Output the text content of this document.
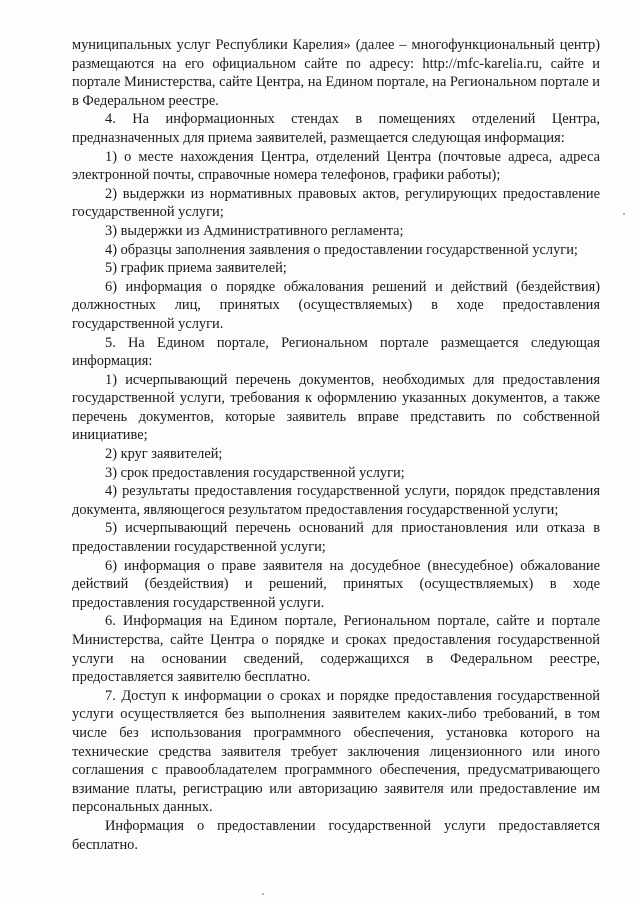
муниципальных услуг Республики Карелия» (далее – многофункциональный центр) размещаются на его официальном сайте по адресу: http://mfc-karelia.ru, сайте и портале Министерства, сайте Центра, на Едином портале, на Региональном портале и в Федеральном реестре.

4. На информационных стендах в помещениях отделений Центра, предназначенных для приема заявителей, размещается следующая информация:

1) о месте нахождения Центра, отделений Центра (почтовые адреса, адреса электронной почты, справочные номера телефонов, графики работы);

2) выдержки из нормативных правовых актов, регулирующих предоставление государственной услуги;

3) выдержки из Административного регламента;

4) образцы заполнения заявления о предоставлении государственной услуги;

5) график приема заявителей;

6) информация о порядке обжалования решений и действий (бездействия) должностных лиц, принятых (осуществляемых) в ходе предоставления государственной услуги.

5. На Едином портале, Региональном портале размещается следующая информация:

1) исчерпывающий перечень документов, необходимых для предоставления государственной услуги, требования к оформлению указанных документов, а также перечень документов, которые заявитель вправе представить по собственной инициативе;

2) круг заявителей;

3) срок предоставления государственной услуги;

4) результаты предоставления государственной услуги, порядок представления документа, являющегося результатом предоставления государственной услуги;

5) исчерпывающий перечень оснований для приостановления или отказа в предоставлении государственной услуги;

6) информация о праве заявителя на досудебное (внесудебное) обжалование действий (бездействия) и решений, принятых (осуществляемых) в ходе предоставления государственной услуги.

6. Информация на Едином портале, Региональном портале, сайте и портале Министерства, сайте Центра о порядке и сроках предоставления государственной услуги на основании сведений, содержащихся в Федеральном реестре, предоставляется заявителю бесплатно.

7. Доступ к информации о сроках и порядке предоставления государственной услуги осуществляется без выполнения заявителем каких-либо требований, в том числе без использования программного обеспечения, установка которого на технические средства заявителя требует заключения лицензионного или иного соглашения с правообладателем программного обеспечения, предусматривающего взимание платы, регистрацию или авторизацию заявителя или предоставление им персональных данных.

Информация о предоставлении государственной услуги предоставляется бесплатно.
